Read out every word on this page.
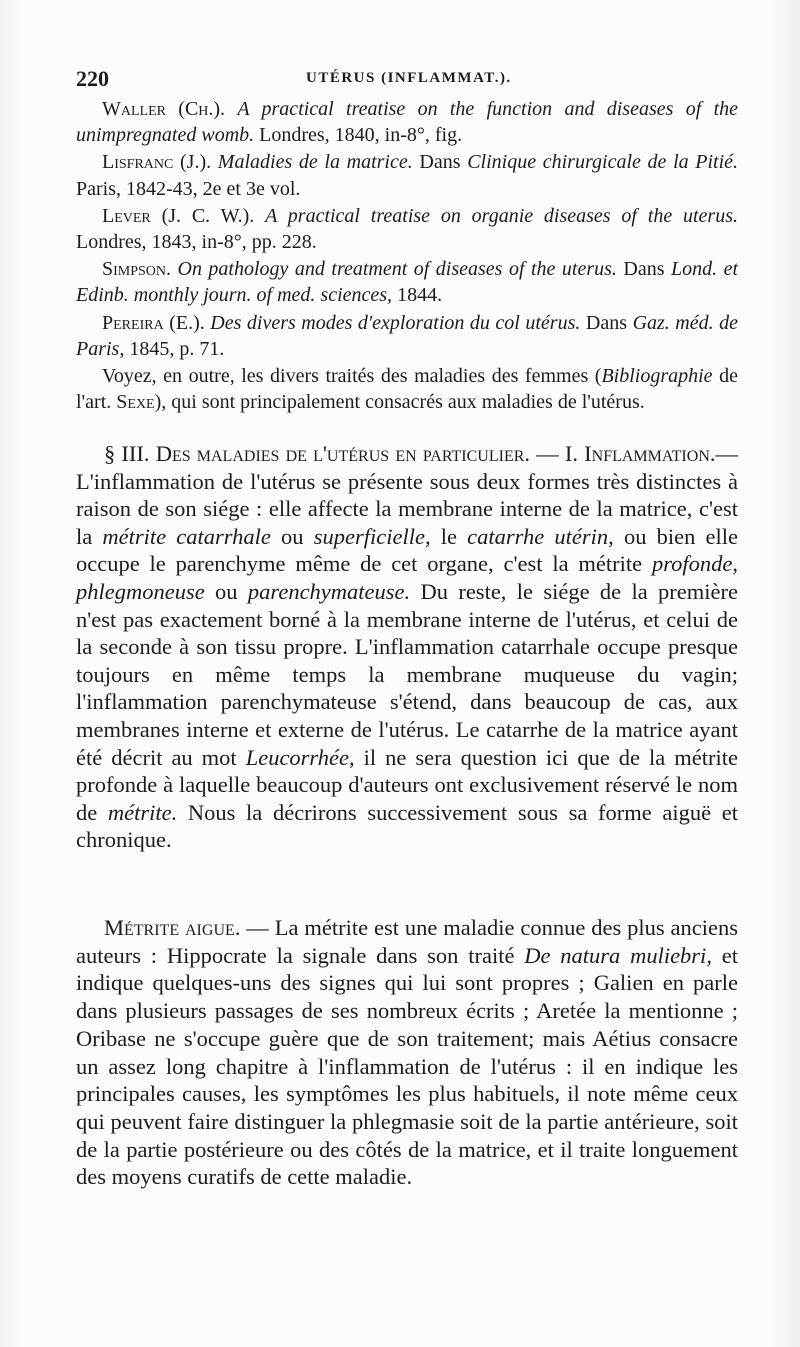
220	UTÉRUS (INFLAMMAT.).

Waller (Ch.). A practical treatise on the function and diseases of the unimpregnated womb. Londres, 1840, in-8°, fig.

Lisfranc (J.). Maladies de la matrice. Dans Clinique chirurgicale de la Pitié. Paris, 1842-43, 2e et 3e vol.

Lever (J. C. W.). A practical treatise on organie diseases of the uterus. Londres, 1843, in-8°, pp. 228.

Simpson. On pathology and treatment of diseases of the uterus. Dans Lond. et Edinb. monthly journ. of med. sciences, 1844.

Pereira (E.). Des divers modes d'exploration du col utérus. Dans Gaz. méd. de Paris, 1845, p. 71.

Voyez, en outre, les divers traités des maladies des femmes (Bibliographie de l'art. Sexe), qui sont principalement consacrés aux maladies de l'utérus.

§ III. Des maladies de l'utérus en particulier. — I. Inflammation.—L'inflammation de l'utérus se présente sous deux formes très distinctes à raison de son siége : elle affecte la membrane interne de la matrice, c'est la métrite catarrhale ou superficielle, le catarrhe utérin, ou bien elle occupe le parenchyme même de cet organe, c'est la métrite profonde, phlegmoneuse ou parenchymateuse. Du reste, le siége de la première n'est pas exactement borné à la membrane interne de l'utérus, et celui de la seconde à son tissu propre. L'inflammation catarrhale occupe presque toujours en même temps la membrane muqueuse du vagin; l'inflammation parenchymateuse s'étend, dans beaucoup de cas, aux membranes interne et externe de l'utérus. Le catarrhe de la matrice ayant été décrit au mot Leucorrhée, il ne sera question ici que de la métrite profonde à laquelle beaucoup d'auteurs ont exclusivement réservé le nom de métrite. Nous la décrirons successivement sous sa forme aiguë et chronique.

Métrite aigue. — La métrite est une maladie connue des plus anciens auteurs : Hippocrate la signale dans son traité De natura muliebri, et indique quelques-uns des signes qui lui sont propres ; Galien en parle dans plusieurs passages de ses nombreux écrits ; Aretée la mentionne ; Oribase ne s'occupe guère que de son traitement; mais Aétius consacre un assez long chapitre à l'inflammation de l'utérus : il en indique les principales causes, les symptômes les plus habituels, il note même ceux qui peuvent faire distinguer la phlegmasie soit de la partie antérieure, soit de la partie postérieure ou des côtés de la matrice, et il traite longuement des moyens curatifs de cette maladie.
